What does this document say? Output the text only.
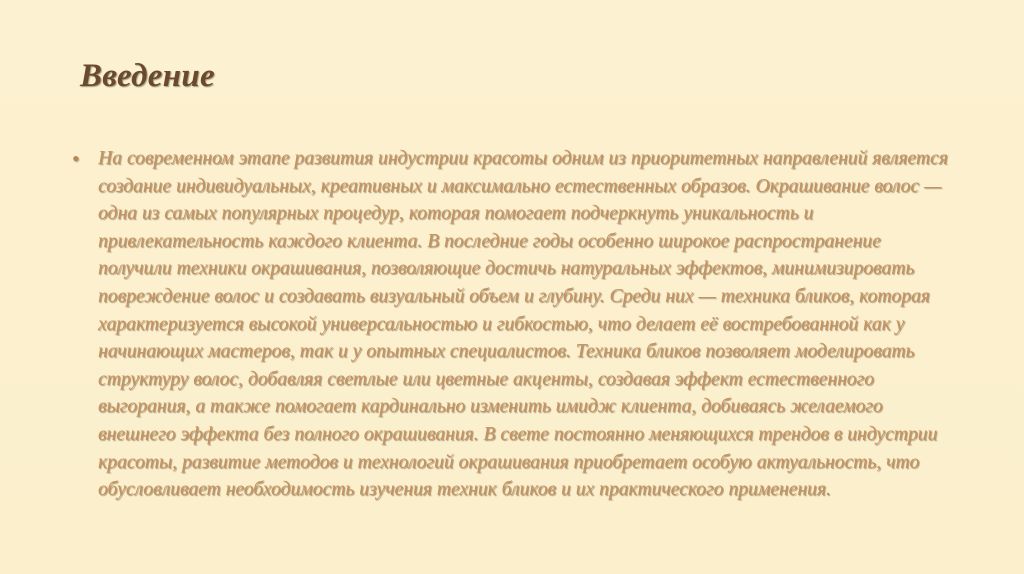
Введение
• На современном этапе развития индустрии красоты одним из приоритетных направлений является создание индивидуальных, креативных и максимально естественных образов. Окрашивание волос — одна из самых популярных процедур, которая помогает подчеркнуть уникальность и привлекательность каждого клиента. В последние годы особенно широкое распространение получили техники окрашивания, позволяющие достичь натуральных эффектов, минимизировать повреждение волос и создавать визуальный объем и глубину. Среди них — техника бликов, которая характеризуется высокой универсальностью и гибкостью, что делает её востребованной как у начинающих мастеров, так и у опытных специалистов. Техника бликов позволяет моделировать структуру волос, добавляя светлые или цветные акценты, создавая эффект естественного выгорания, а также помогает кардинально изменить имидж клиента, добиваясь желаемого внешнего эффекта без полного окрашивания. В свете постоянно меняющихся трендов в индустрии красоты, развитие методов и технологий окрашивания приобретает особую актуальность, что обусловливает необходимость изучения техник бликов и их практического применения.
